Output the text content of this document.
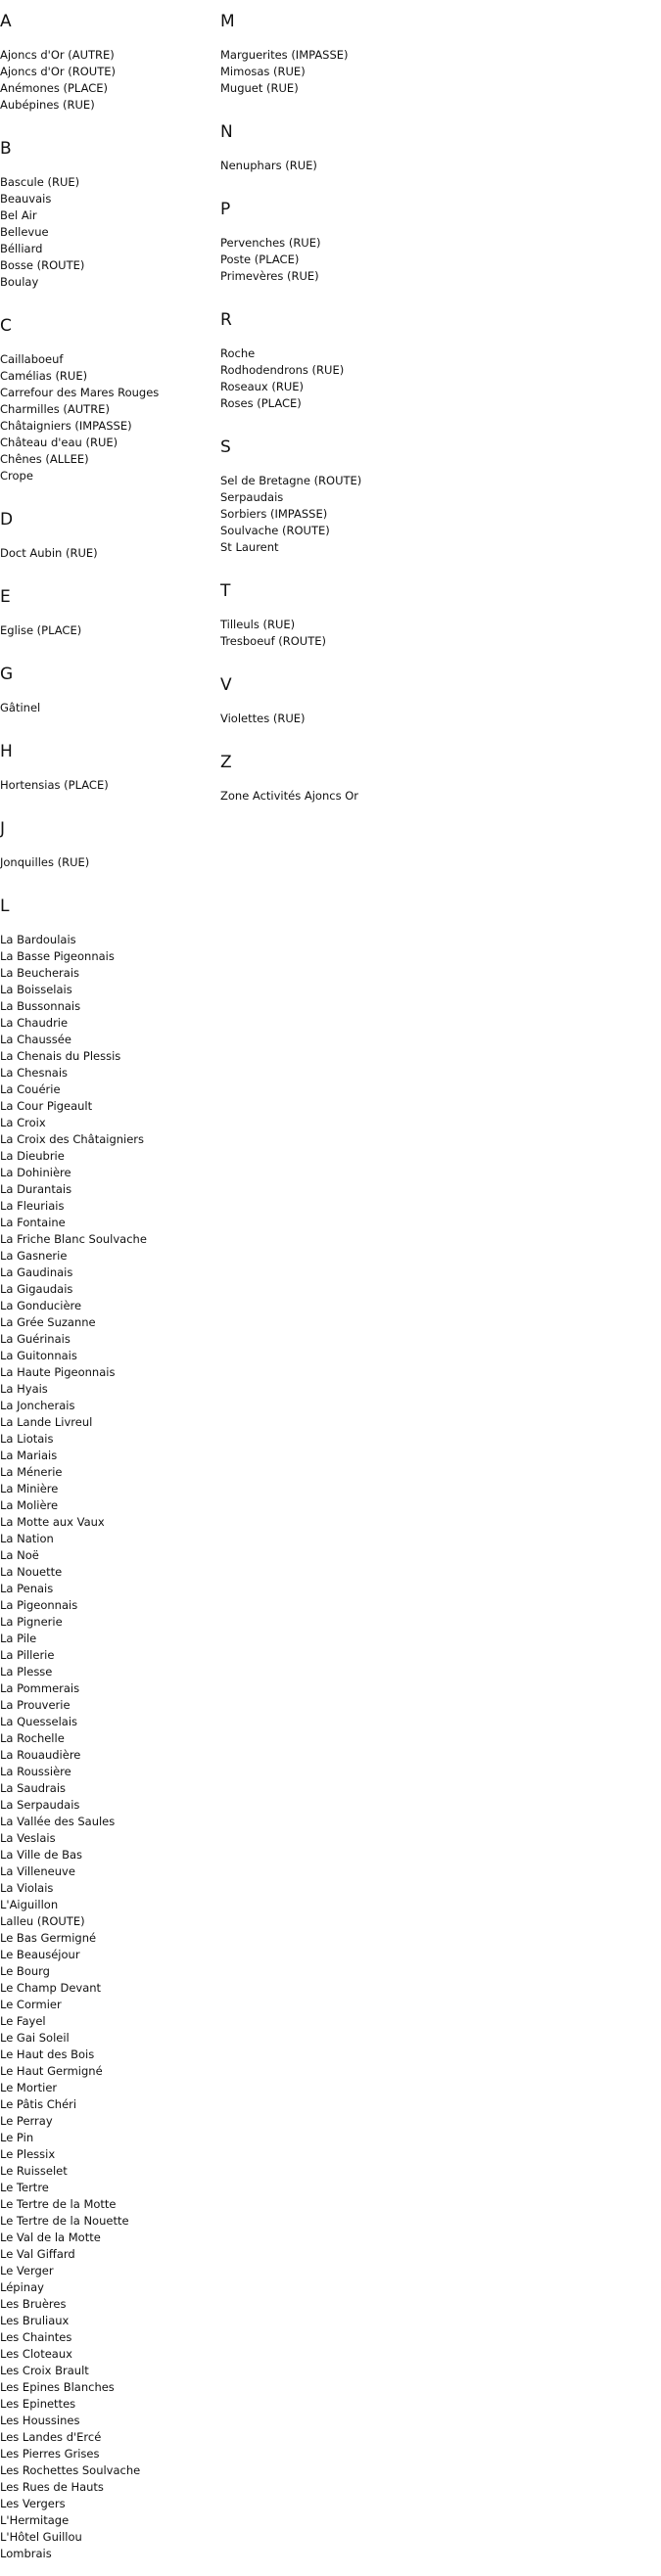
A
Ajoncs d'Or (AUTRE)
Ajoncs d'Or (ROUTE)
Anémones (PLACE)
Aubépines (RUE)
B
Bascule (RUE)
Beauvais
Bel Air
Bellevue
Bélliard
Bosse (ROUTE)
Boulay
C
Caillaboeuf
Camélias (RUE)
Carrefour des Mares Rouges
Charmilles (AUTRE)
Châtaigniers (IMPASSE)
Château d'eau (RUE)
Chênes (ALLEE)
Crope
D
Doct Aubin (RUE)
E
Eglise (PLACE)
G
Gâtinel
H
Hortensias (PLACE)
J
Jonquilles (RUE)
L
La Bardoulais
La Basse Pigeonnais
La Beucherais
La Boisselais
La Bussonnais
La Chaudrie
La Chaussée
La Chenais du Plessis
La Chesnais
La Couérie
La Cour Pigeault
La Croix
La Croix des Châtaigniers
La Dieubrie
La Dohinière
La Durantais
La Fleuriais
La Fontaine
La Friche Blanc Soulvache
La Gasnerie
La Gaudinais
La Gigaudais
La Gonducière
La Grée Suzanne
La Guérinais
La Guitonnais
La Haute Pigeonnais
La Hyais
La Joncherais
La Lande Livreul
La Liotais
La Mariais
La Ménerie
La Minière
La Molière
La Motte aux Vaux
La Nation
La Noë
La Nouette
La Penais
La Pigeonnais
La Pignerie
La Pile
La Pillerie
La Plesse
La Pommerais
La Prouverie
La Quesselais
La Rochelle
La Rouaudière
La Roussière
La Saudrais
La Serpaudais
La Vallée des Saules
La Veslais
La Ville de Bas
La Villeneuve
La Violais
L'Aiguillon
Lalleu (ROUTE)
Le Bas Germigné
Le Beauséjour
Le Bourg
Le Champ Devant
Le Cormier
Le Fayel
Le Gai Soleil
Le Haut des Bois
Le Haut Germigné
Le Mortier
Le Pâtis Chéri
Le Perray
Le Pin
Le Plessix
Le Ruisselet
Le Tertre
Le Tertre de la Motte
Le Tertre de la Nouette
Le Val de la Motte
Le Val Giffard
Le Verger
Lépinay
Les Bruères
Les Bruliaux
Les Chaintes
Les Cloteaux
Les Croix Brault
Les Epines Blanches
Les Epinettes
Les Houssines
Les Landes d'Ercé
Les Pierres Grises
Les Rochettes Soulvache
Les Rues de Hauts
Les Vergers
L'Hermitage
L'Hôtel Guillou
Lombrais
M
Marguerites (IMPASSE)
Mimosas (RUE)
Muguet (RUE)
N
Nenuphars (RUE)
P
Pervenches (RUE)
Poste (PLACE)
Primevères (RUE)
R
Roche
Rodhodendrons (RUE)
Roseaux (RUE)
Roses (PLACE)
S
Sel de Bretagne (ROUTE)
Serpaudais
Sorbiers (IMPASSE)
Soulvache (ROUTE)
St Laurent
T
Tilleuls (RUE)
Tresboeuf (ROUTE)
V
Violettes (RUE)
Z
Zone Activités Ajoncs Or
